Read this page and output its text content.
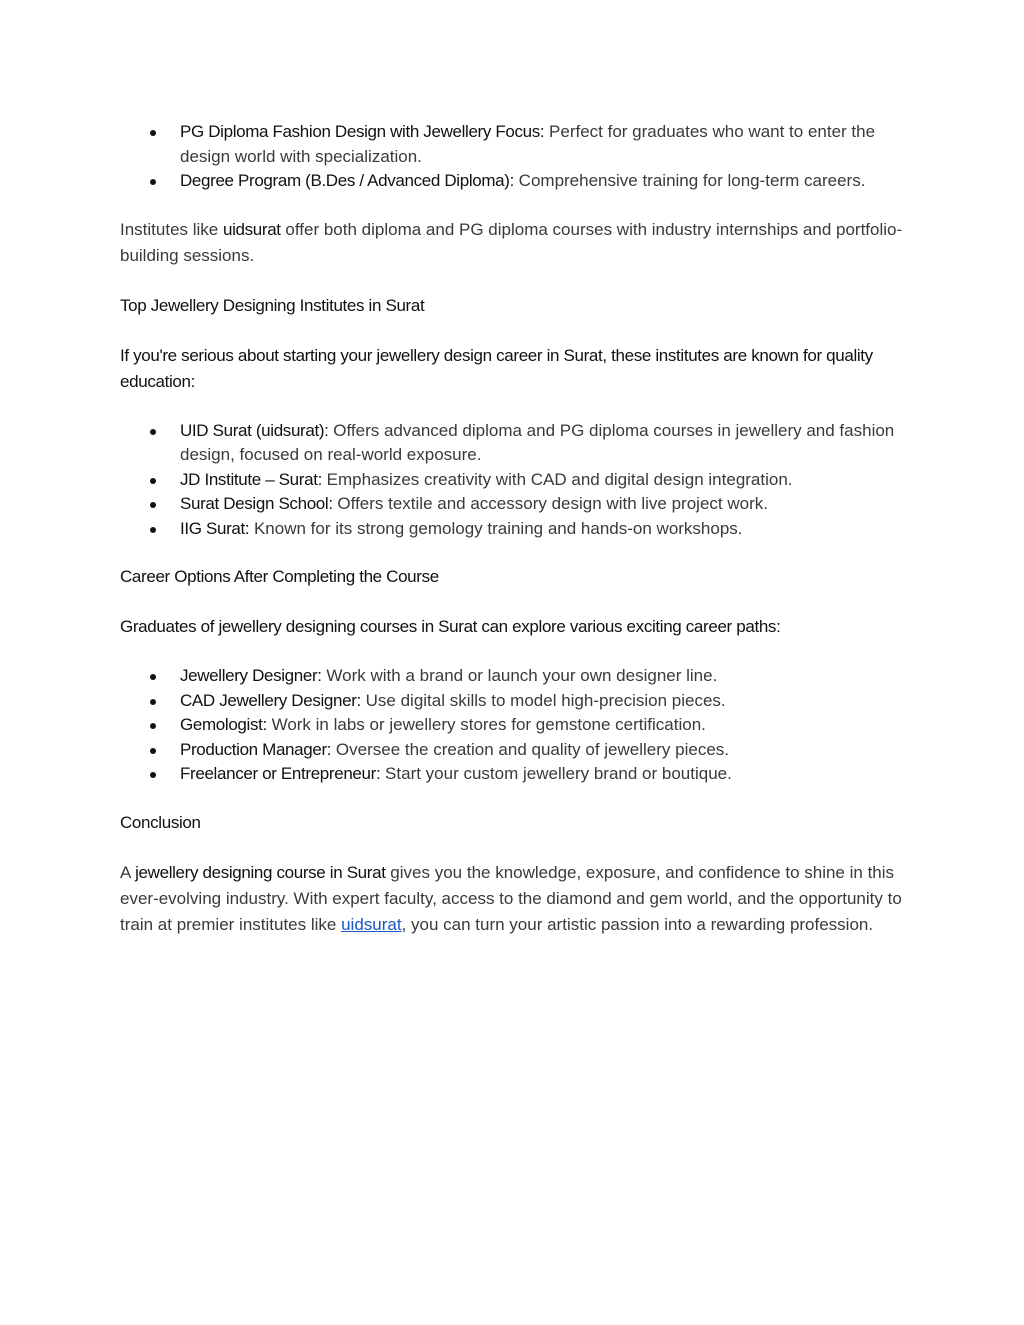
PG Diploma Fashion Design with Jewellery Focus: Perfect for graduates who want to enter the design world with specialization.
Degree Program (B.Des / Advanced Diploma): Comprehensive training for long-term careers.

Institutes like uidsurat offer both diploma and PG diploma courses with industry internships and portfolio-building sessions.

Top Jewellery Designing Institutes in Surat

If you're serious about starting your jewellery design career in Surat, these institutes are known for quality education:

UID Surat (uidsurat): Offers advanced diploma and PG diploma courses in jewellery and fashion design, focused on real-world exposure.
JD Institute – Surat: Emphasizes creativity with CAD and digital design integration.
Surat Design School: Offers textile and accessory design with live project work.
IIG Surat: Known for its strong gemology training and hands-on workshops.

Career Options After Completing the Course

Graduates of jewellery designing courses in Surat can explore various exciting career paths:

Jewellery Designer: Work with a brand or launch your own designer line.
CAD Jewellery Designer: Use digital skills to model high-precision pieces.
Gemologist: Work in labs or jewellery stores for gemstone certification.
Production Manager: Oversee the creation and quality of jewellery pieces.
Freelancer or Entrepreneur: Start your custom jewellery brand or boutique.

Conclusion

A jewellery designing course in Surat gives you the knowledge, exposure, and confidence to shine in this ever-evolving industry. With expert faculty, access to the diamond and gem world, and the opportunity to train at premier institutes like uidsurat, you can turn your artistic passion into a rewarding profession.
